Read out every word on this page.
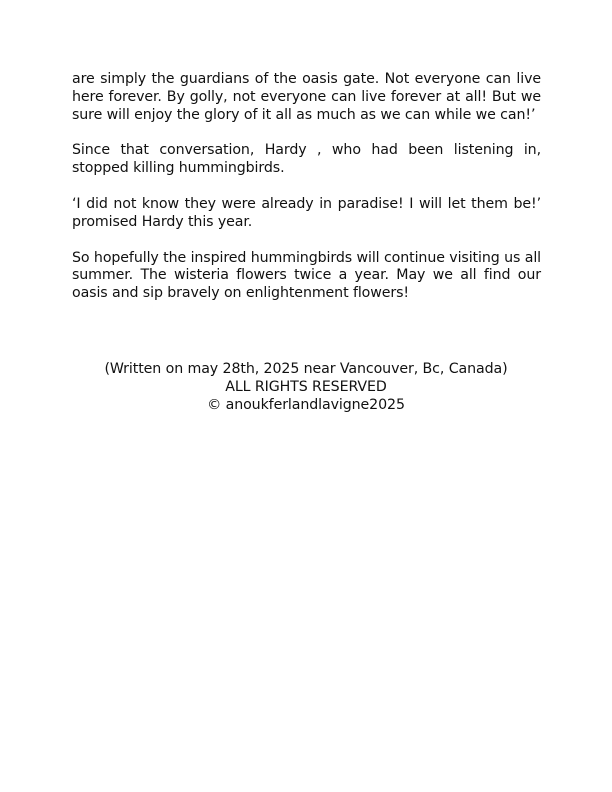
are simply the guardians of the oasis gate. Not everyone can live here forever. By golly, not everyone can live forever at all! But we sure will enjoy the glory of it all as much as we can while we can!’

Since that conversation, Hardy , who had been listening in, stopped killing hummingbirds.

‘I did not know they were already in paradise! I will let them be!’ promised Hardy this year.

So hopefully the inspired hummingbirds will continue visiting us all summer. The wisteria flowers twice a year. May we all find our oasis and sip bravely on enlightenment flowers!

(Written on may 28th, 2025 near Vancouver, Bc, Canada)
ALL RIGHTS RESERVED
© anoukferlandlavigne2025
